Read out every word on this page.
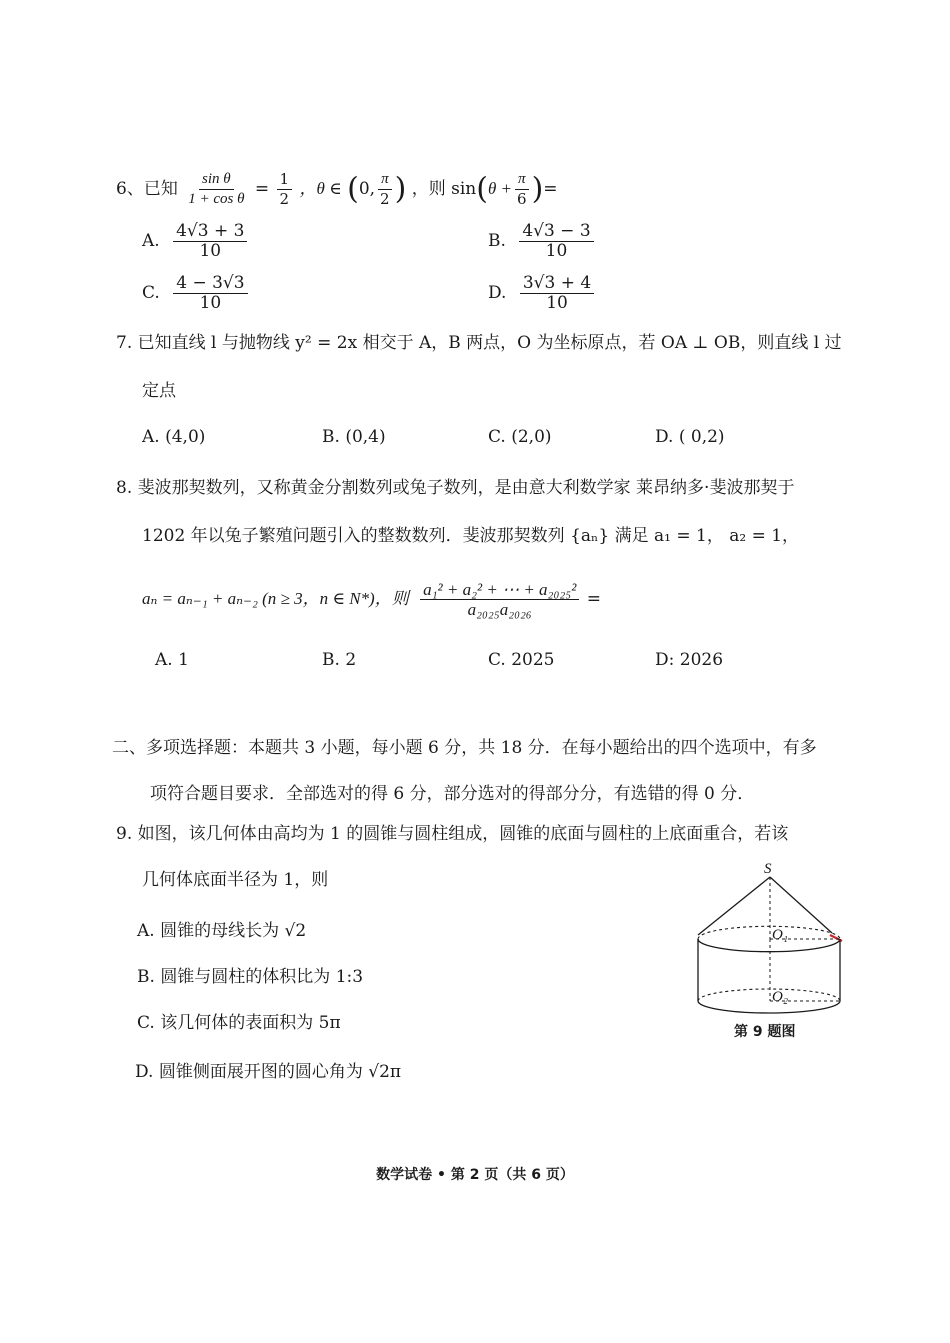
6、已知 $\frac{\text{sin θ}}{\text{1 + cos θ}} = \frac{1}{2}$ ，θ ∈ (0, $\frac{\pi}{2}$ ) ，则 $\sin(\theta + \frac{\pi}{6}$ )=
A. $\frac{4√3 + 3}{10}$	B. $\frac{4√3 - 3}{10}$
C. $\frac{4 - 3√3}{10}$	D. $\frac{3√3 + 4}{10}$
7. 已知直线 l 与抛物线 y² = 2x 相交于 A，B 两点，O 为坐标原点，若 OA ⊥ OB，则直线 l 过
定点
A. (4,0)	B. (0,4)	C. (2,0)	D. ( 0,2)
8. 斐波那契数列，又称黄金分割数列或兔子数列，是由意大利数学家 莱昂纳多·斐波那契于
1202 年以兔子繁殖问题引入的整数数列．斐波那契数列 {aₙ} 满足 a₁ = 1， a₂ = 1，
aₙ = aₙ₋₁ + aₙ₋₂ (n ≥ 3，n ∈ N*)，则 $\frac{\text{a₁² + a₂² + ⋯ + a₂₀₂₅²}}{\text{a₂₀₂₅a₂₀₂₆}}$ =
A. 1	B. 2	C. 2025	D: 2026
二、多项选择题：本题共 3 小题，每小题 6 分，共 18 分．在每小题给出的四个选项中，有多
项符合题目要求．全部选对的得 6 分，部分选对的得部分分，有选错的得 0 分．
9. 如图，该几何体由高均为 1 的圆锥与圆柱组成，圆锥的底面与圆柱的上底面重合，若该
几何体底面半径为 1，则
A. 圆锥的母线长为 √2
B. 圆锥与圆柱的体积比为 1:3
C. 该几何体的表面积为 5π
D. 圆锥侧面展开图的圆心角为 √2π
S
O₁
O₂
第 9 题图
数学试卷 • 第 2 页（共 6 页）
